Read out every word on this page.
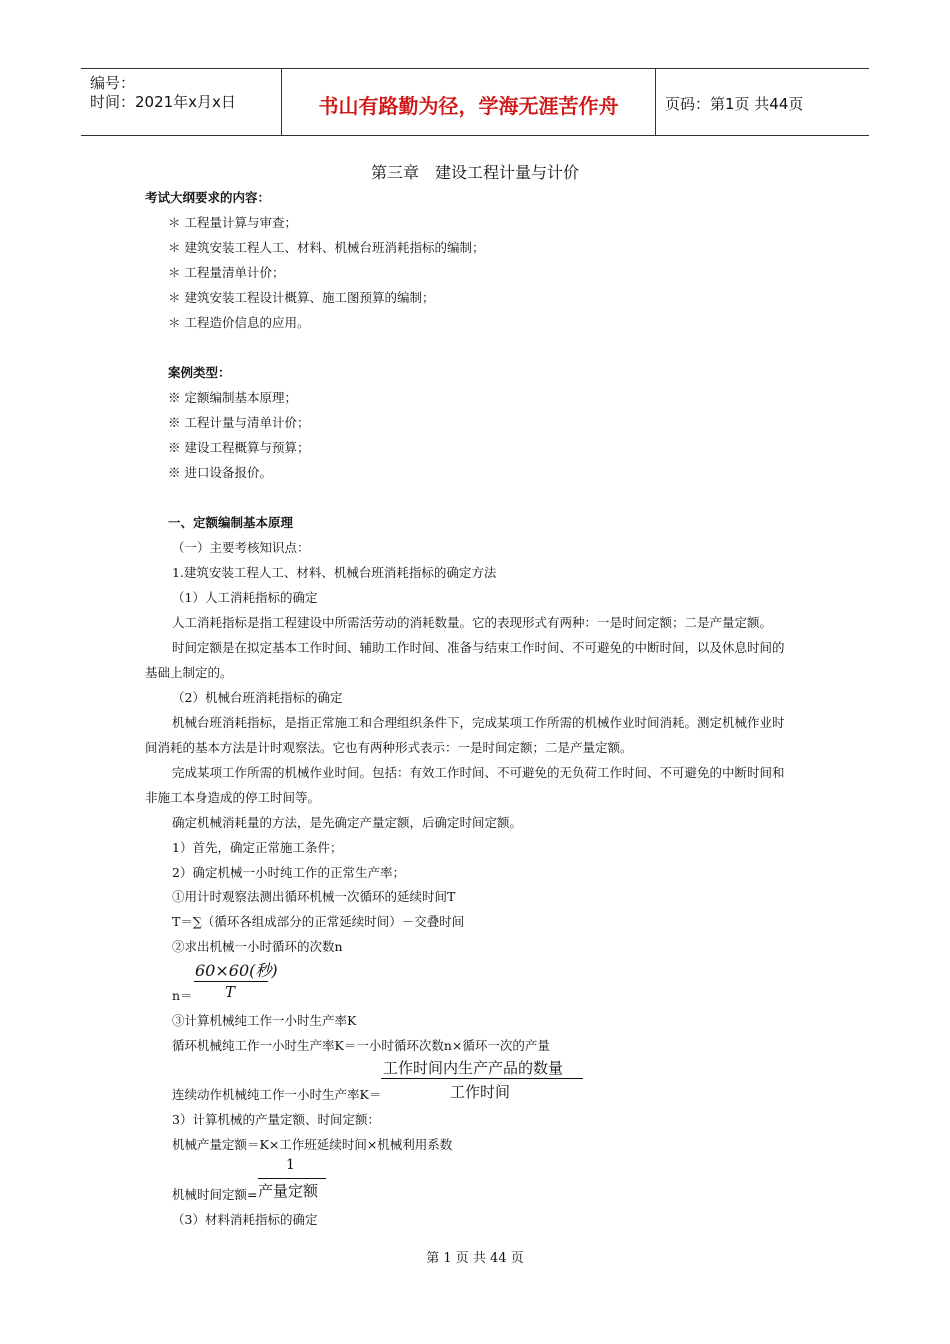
编号：
时间：2021年x月x日	书山有路勤为径，学海无涯苦作舟	页码：第1页 共44页
第三章　建设工程计量与计价
考试大纲要求的内容：
＊ 工程量计算与审查；
＊ 建筑安装工程人工、材料、机械台班消耗指标的编制；
＊ 工程量清单计价；
＊ 建筑安装工程设计概算、施工图预算的编制；
＊ 工程造价信息的应用。
案例类型：
※ 定额编制基本原理；
※ 工程计量与清单计价；
※ 建设工程概算与预算；
※ 进口设备报价。
一、定额编制基本原理
（一）主要考核知识点：
1.建筑安装工程人工、材料、机械台班消耗指标的确定方法
（1）人工消耗指标的确定
人工消耗指标是指工程建设中所需活劳动的消耗数量。它的表现形式有两种：一是时间定额；二是产量定额。
时间定额是在拟定基本工作时间、辅助工作时间、准备与结束工作时间、不可避免的中断时间，以及休息时间的
基础上制定的。
（2）机械台班消耗指标的确定
机械台班消耗指标，是指正常施工和合理组织条件下，完成某项工作所需的机械作业时间消耗。测定机械作业时
间消耗的基本方法是计时观察法。它也有两种形式表示：一是时间定额；二是产量定额。
完成某项工作所需的机械作业时间。包括：有效工作时间、不可避免的无负荷工作时间、不可避免的中断时间和
非施工本身造成的停工时间等。
确定机械消耗量的方法，是先确定产量定额，后确定时间定额。
1）首先，确定正常施工条件；
2）确定机械一小时纯工作的正常生产率；
①用计时观察法测出循环机械一次循环的延续时间T
T＝∑（循环各组成部分的正常延续时间）－交叠时间
②求出机械一小时循环的次数n
60×60(秒)
n＝ T
③计算机械纯工作一小时生产率K
循环机械纯工作一小时生产率K＝一小时循环次数n×循环一次的产量
工作时间内生产产品的数量
连续动作机械纯工作一小时生产率K＝	工作时间
3）计算机械的产量定额、时间定额：
机械产量定额＝K×工作班延续时间×机械利用系数
1
机械时间定额= 产量定额
（3）材料消耗指标的确定
第 1 页 共 44 页
